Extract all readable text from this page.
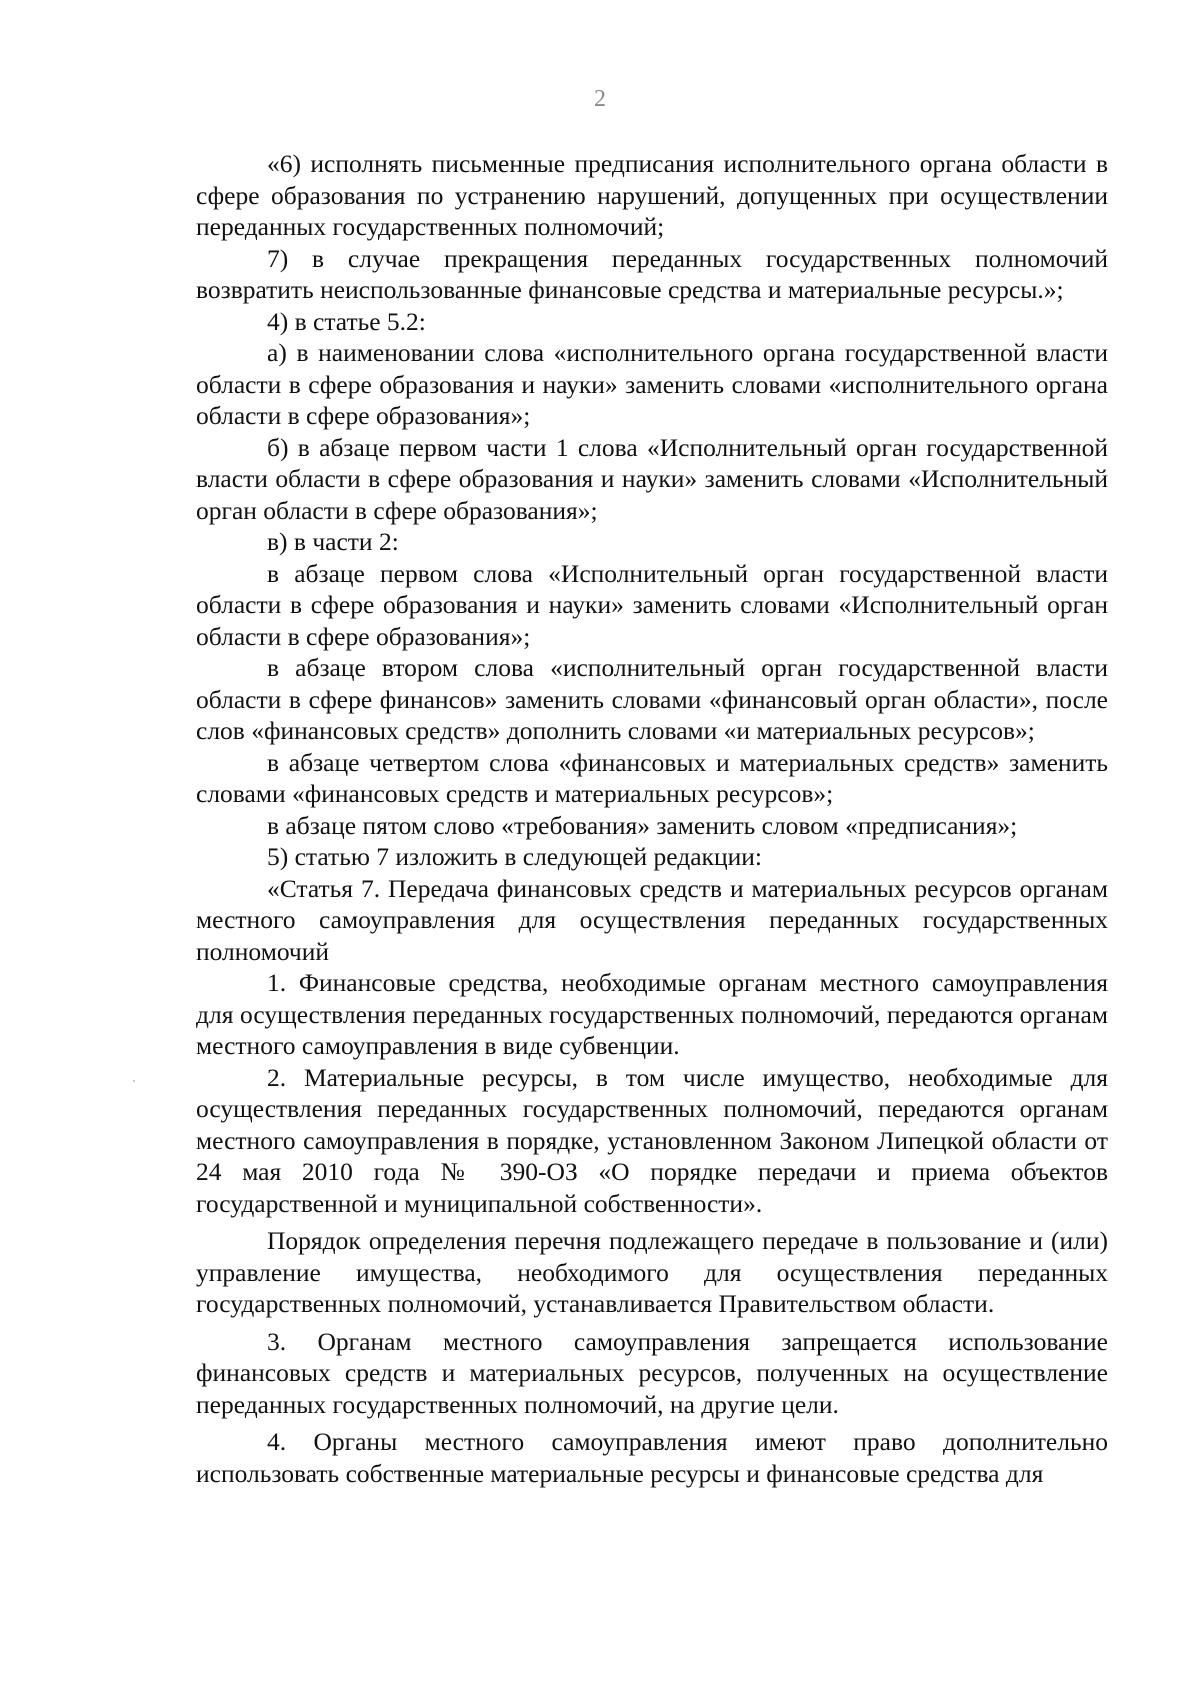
2

«6) исполнять письменные предписания исполнительного органа области в сфере образования по устранению нарушений, допущенных при осуществлении переданных государственных полномочий;

7) в случае прекращения переданных государственных полномочий возвратить неиспользованные финансовые средства и материальные ресурсы.»;

4) в статье 5.2:

а) в наименовании слова «исполнительного органа государственной власти области в сфере образования и науки» заменить словами «исполнительного органа области в сфере образования»;

б) в абзаце первом части 1 слова «Исполнительный орган государственной власти области в сфере образования и науки» заменить словами «Исполнительный орган области в сфере образования»;

в) в части 2:

в абзаце первом слова «Исполнительный орган государственной власти области в сфере образования и науки» заменить словами «Исполнительный орган области в сфере образования»;

в абзаце втором слова «исполнительный орган государственной власти области в сфере финансов» заменить словами «финансовый орган области», после слов «финансовых средств» дополнить словами «и материальных ресурсов»;

в абзаце четвертом слова «финансовых и материальных средств» заменить словами «финансовых средств и материальных ресурсов»;

в абзаце пятом слово «требования» заменить словом «предписания»;

5) статью 7 изложить в следующей редакции:

«Статья 7. Передача финансовых средств и материальных ресурсов органам местного самоуправления для осуществления переданных государственных полномочий

1. Финансовые средства, необходимые органам местного самоуправления для осуществления переданных государственных полномочий, передаются органам местного самоуправления в виде субвенции.

2. Материальные ресурсы, в том числе имущество, необходимые для осуществления переданных государственных полномочий, передаются органам местного самоуправления в порядке, установленном Законом Липецкой области от 24 мая 2010 года № 390-ОЗ «О порядке передачи и приема объектов государственной и муниципальной собственности».

Порядок определения перечня подлежащего передаче в пользование и (или) управление имущества, необходимого для осуществления переданных государственных полномочий, устанавливается Правительством области.

3. Органам местного самоуправления запрещается использование финансовых средств и материальных ресурсов, полученных на осуществление переданных государственных полномочий, на другие цели.

4. Органы местного самоуправления имеют право дополнительно использовать собственные материальные ресурсы и финансовые средства для
